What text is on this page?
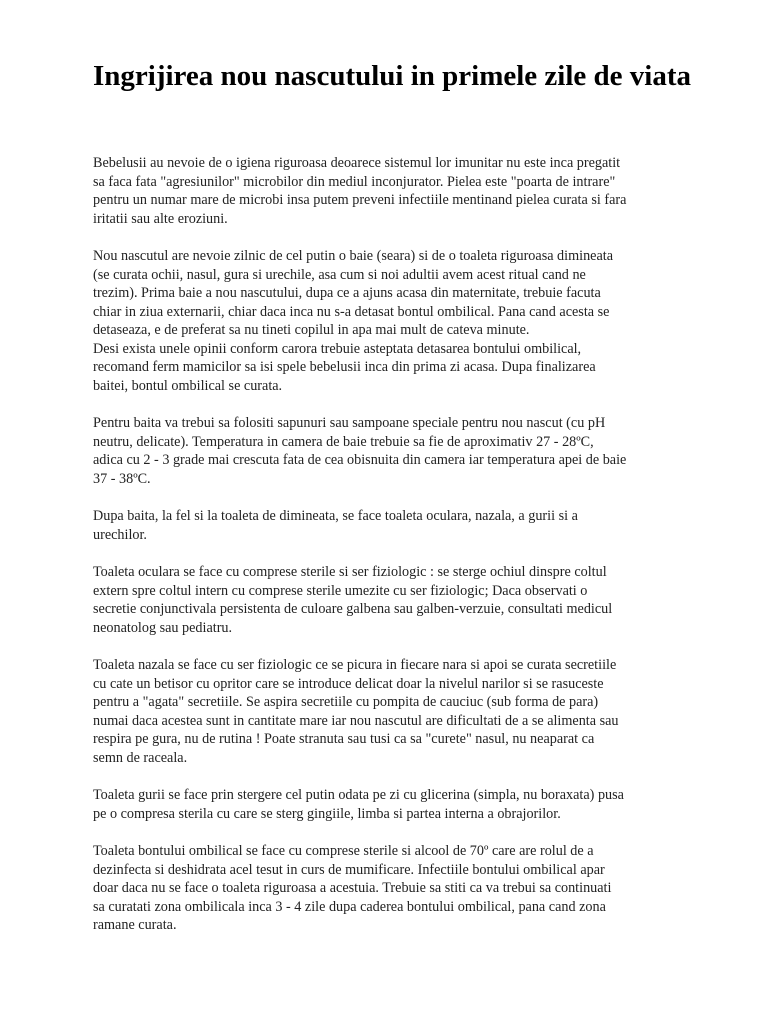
Ingrijirea nou nascutului in primele zile de viata

Bebelusii au nevoie de o igiena riguroasa deoarece sistemul lor imunitar nu este inca pregatit
sa faca fata "agresiunilor" microbilor din mediul inconjurator. Pielea este "poarta de intrare"
pentru un numar mare de microbi insa putem preveni infectiile mentinand pielea curata si fara
iritatii sau alte eroziuni.

Nou nascutul are nevoie zilnic de cel putin o baie (seara) si de o toaleta riguroasa dimineata
(se curata ochii, nasul, gura si urechile, asa cum si noi adultii avem acest ritual cand ne
trezim). Prima baie a nou nascutului, dupa ce a ajuns acasa din maternitate, trebuie facuta
chiar in ziua externarii, chiar daca inca nu s-a detasat bontul ombilical. Pana cand acesta se
detaseaza, e de preferat sa nu tineti copilul in apa mai mult de cateva minute.

Desi exista unele opinii conform carora trebuie asteptata detasarea bontului ombilical,
recomand ferm mamicilor sa isi spele bebelusii inca din prima zi acasa. Dupa finalizarea
baitei, bontul ombilical se curata.

Pentru baita va trebui sa folositi sapunuri sau sampoane speciale pentru nou nascut (cu pH
neutru, delicate). Temperatura in camera de baie trebuie sa fie de aproximativ 27 - 28ºC,
adica cu 2 - 3 grade mai crescuta fata de cea obisnuita din camera iar temperatura apei de baie
37 - 38ºC.

Dupa baita, la fel si la toaleta de dimineata, se face toaleta oculara, nazala, a gurii si a
urechilor.

Toaleta oculara se face cu comprese sterile si ser fiziologic : se sterge ochiul dinspre coltul
extern spre coltul intern cu comprese sterile umezite cu ser fiziologic; Daca observati o
secretie conjunctivala persistenta de culoare galbena sau galben-verzuie, consultati medicul
neonatolog sau pediatru.

Toaleta nazala se face cu ser fiziologic ce se picura in fiecare nara si apoi se curata secretiile
cu cate un betisor cu opritor care se introduce delicat doar la nivelul narilor si se rasuceste
pentru a "agata" secretiile. Se aspira secretiile cu pompita de cauciuc (sub forma de para)
numai daca acestea sunt in cantitate mare iar nou nascutul are dificultati de a se alimenta sau
respira pe gura, nu de rutina ! Poate stranuta sau tusi ca sa "curete" nasul, nu neaparat ca
semn de raceala.

Toaleta gurii se face prin stergere cel putin odata pe zi cu glicerina (simpla, nu boraxata) pusa
pe o compresa sterila cu care se sterg gingiile, limba si partea interna a obrajorilor.

Toaleta bontului ombilical se face cu comprese sterile si alcool de 70º care are rolul de a
dezinfecta si deshidrata acel tesut in curs de mumificare. Infectiile bontului ombilical apar
doar daca nu se face o toaleta riguroasa a acestuia. Trebuie sa stiti ca va trebui sa continuati
sa curatati zona ombilicala inca 3 - 4 zile dupa caderea bontului ombilical, pana cand zona
ramane curata.
